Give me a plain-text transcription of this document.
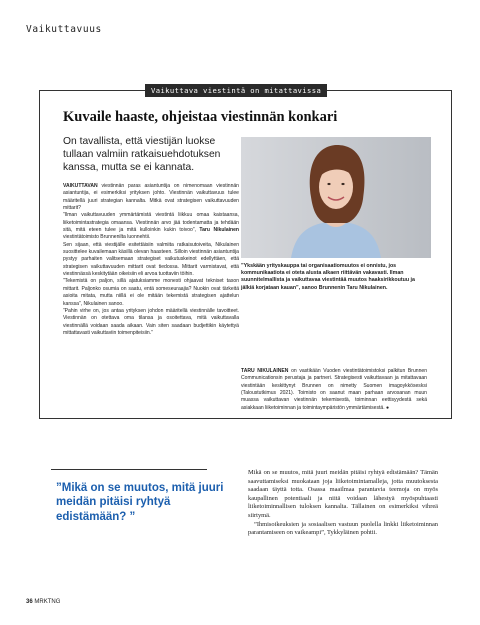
Vaikuttavuus
Vaikuttava viestintä on mitattavissa
Kuvaile haaste, ohjeistaa viestinnän konkari
On tavallista, että viestijän luokse tullaan valmiin ratkaisuehdotuksen kanssa, mutta se ei kannata.

VAIKUTTAVAN viestinnän paras asiantuntija on nimenomaan viestinnän asiantuntija, ei esimerkiksi yrityksen johto. Viestinnän vaikuttavuus tulee määritellä juuri strategian kannalta. Mitkä ovat strategisen vaikuttavuuden mittarit?

”Ilman vaikuttavuuden ymmärtämistä viestintä liikkuu omaa kaistaansa, liiketoimintastrategia omaansa. Viestinnän arvo jää todentamatta ja tehdään sitä, mitä eteen tulee ja mitä kulloinkin kukin toivoo”, Taru Nikulainen viestintätoimisto Brunnenilta luonnehtii.

Sen sijaan, että viestijälle esitettäisiin valmiita ratkaisutoiveita, Nikulainen suosittelee kuvailemaan käsillä olevan haasteen. Silloin viestinnän asiantuntija pystyy parhaiten valitsemaan strategiset vaikutuskeinot edellyttäen, että strategisen vaikuttavuuden mittarit ovat tiedossa. Mittarit varmistavat, että viestinnässä keskitytään oikeisiin eli arvoa tuottaviin töihin.

”Tekemistä on paljon, sillä ajatuksiamme monesti ohjaavat tekniset tason mittarit. Paljonko osumia on saatu, entä someseuraajia? Nuokin ovat tärkeitä asioita mitata, mutta niillä ei ole mitään tekemistä strategisen ajattelun kanssa”, Nikulainen sanoo.

”Pahin virhe on, jos antaa yrityksen johdon määritellä viestinnälle tavoitteet. Viestinnän on otettava oma tilansa ja osoitettava, mitä vaikuttavalla viestinnällä voidaan saada aikaan. Vain siten saadaan budjettikin käytettyä mittattavasti vaikuttaviin toimenpiteisiin.”

”Ykskään yrityskauppa tai organisaatiomuutos ei onnistu, jos kommunikaatiota ei oteta alusta alkaen riittävän vakavasti. Ilman suunnitelmallista ja vaikuttavaa viestintää muutos haaksirikkoutuu ja jälkiä korjataan kauan”, sanoo Brunnenin Taru Nikulainen.
TARU NIKULAINEN on vastikään Vuoden viestintätoimistoksi palkitun Brunnen Communicationsin perustaja ja partneri. Strategisesti vaikuttavaan ja mitattavaan viestintään keskittynyt Brunnen on nimetty Suomen imagoykkösesksi (Taloustutkimus 2021). Toimisto on saanut maan parhaan arvosanan muun muassa vaikuttavan viestinnän tekemisestä, toiminnan eettisyydestä sekä asiakkaan liiketoiminnan ja toimintaympäristön ymmärtämisestä. ●
”Mikä on se muutos, mitä juuri meidän pitäisi ryhtyä edistämään? ”

Mikä on se muutos, mitä juuri meidän pitäisi ryhtyä edistämään? Tämän saavuttamiseksi muokataan joja liiketoimintamalleja, jotta muutoksesta saadaan täyttä totta. Osassa maailmaa parantavia teemoja on myös kaupallinen potentiaali ja niitä voidaan lähestyä myöspuhtaasti liiketoiminnallisen tuloksen kannalta. Tällainen on esimerkiksi vihreä siirtymä.

”Ihmisoikeuksien ja sosiaalisen vastuun puolella linkki liiketoiminnan parantamiseen on vaikeampi”, Tykkyläinen pohtii.

36 MRKTNG
